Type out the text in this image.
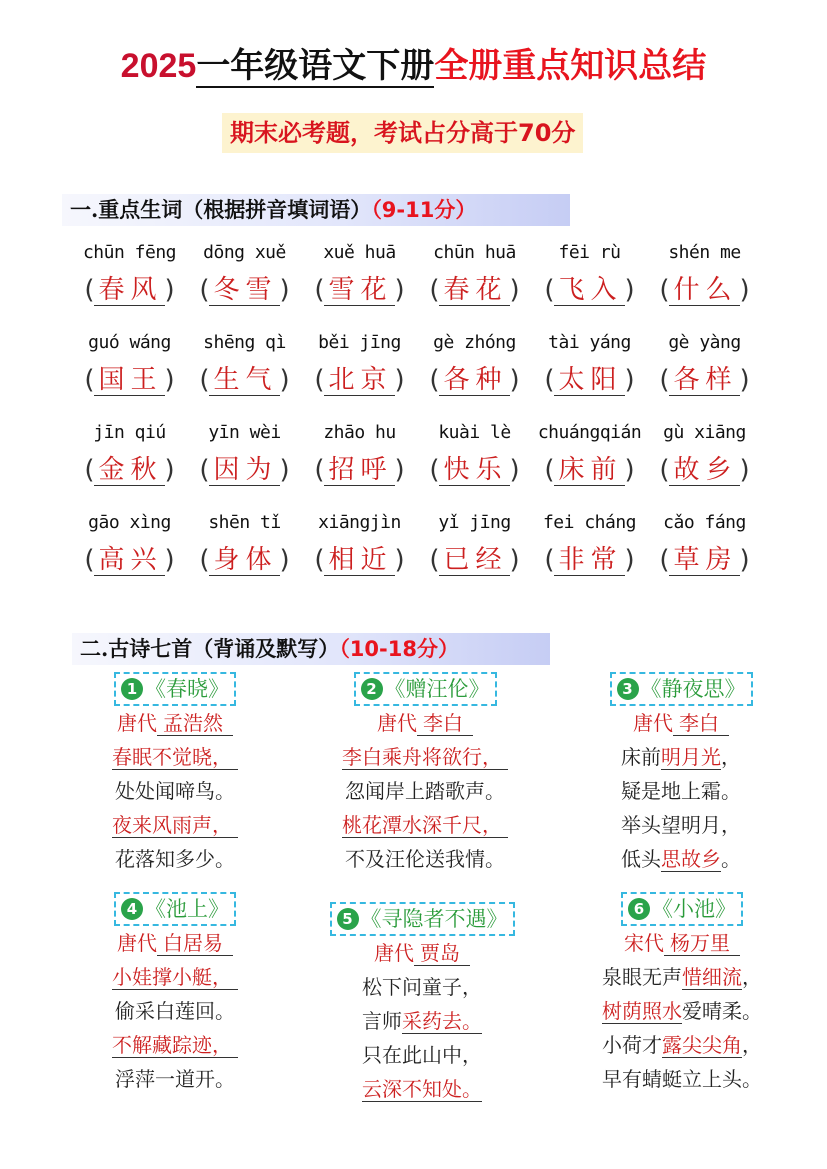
2025一年级语文下册全册重点知识总结
期末必考题，考试占分高于70分
一.重点生词（根据拼音填词语）（9-11分）
chūn fēng
( 春风)
dōng xuě
( 冬雪)
xuě huā
( 雪花)
chūn huā
( 春花)
fēi rù
( 飞入)
shén me
( 什么)
guó wáng
( 国王)
shēng qì
( 生气)
běi jīng
( 北京)
gè zhóng
( 各种)
tài yáng
( 太阳)
gè yàng
( 各样)
jīn qiú
( 金秋)
yīn wèi
( 因为)
zhāo hu
( 招呼)
kuài lè
( 快乐)
chuángqián
( 床前)
gù xiāng
( 故乡)
gāo xìng
( 高兴)
shēn tǐ
( 身体)
xiāngjìn
( 相近)
yǐ jīng
( 已经)
fei cháng
( 非常)
cǎo fáng
( 草房)
二.古诗七首（背诵及默写）（10-18分）
1 《春晓》
唐代 孟浩然
春眠不觉晓，
处处闻啼鸟。
夜来风雨声，
花落知多少。
2 《赠汪伦》
唐代 李白
李白乘舟将欲行，
忽闻岸上踏歌声。
桃花潭水深千尺，
不及汪伦送我情。
3 《静夜思》
唐代 李白
床前明月光，
疑是地上霜。
举头望明月，
低头思故乡。
4 《池上》
唐代 白居易
小娃撑小艇，
偷采白莲回。
不解藏踪迹，
浮萍一道开。
5 《寻隐者不遇》
唐代 贾岛
松下问童子，
言师采药去。
只在此山中，
云深不知处。
6 《小池》
宋代 杨万里
泉眼无声惜细流，
树荫照水爱晴柔。
小荷才露尖尖角，
早有蜻蜓立上头。
